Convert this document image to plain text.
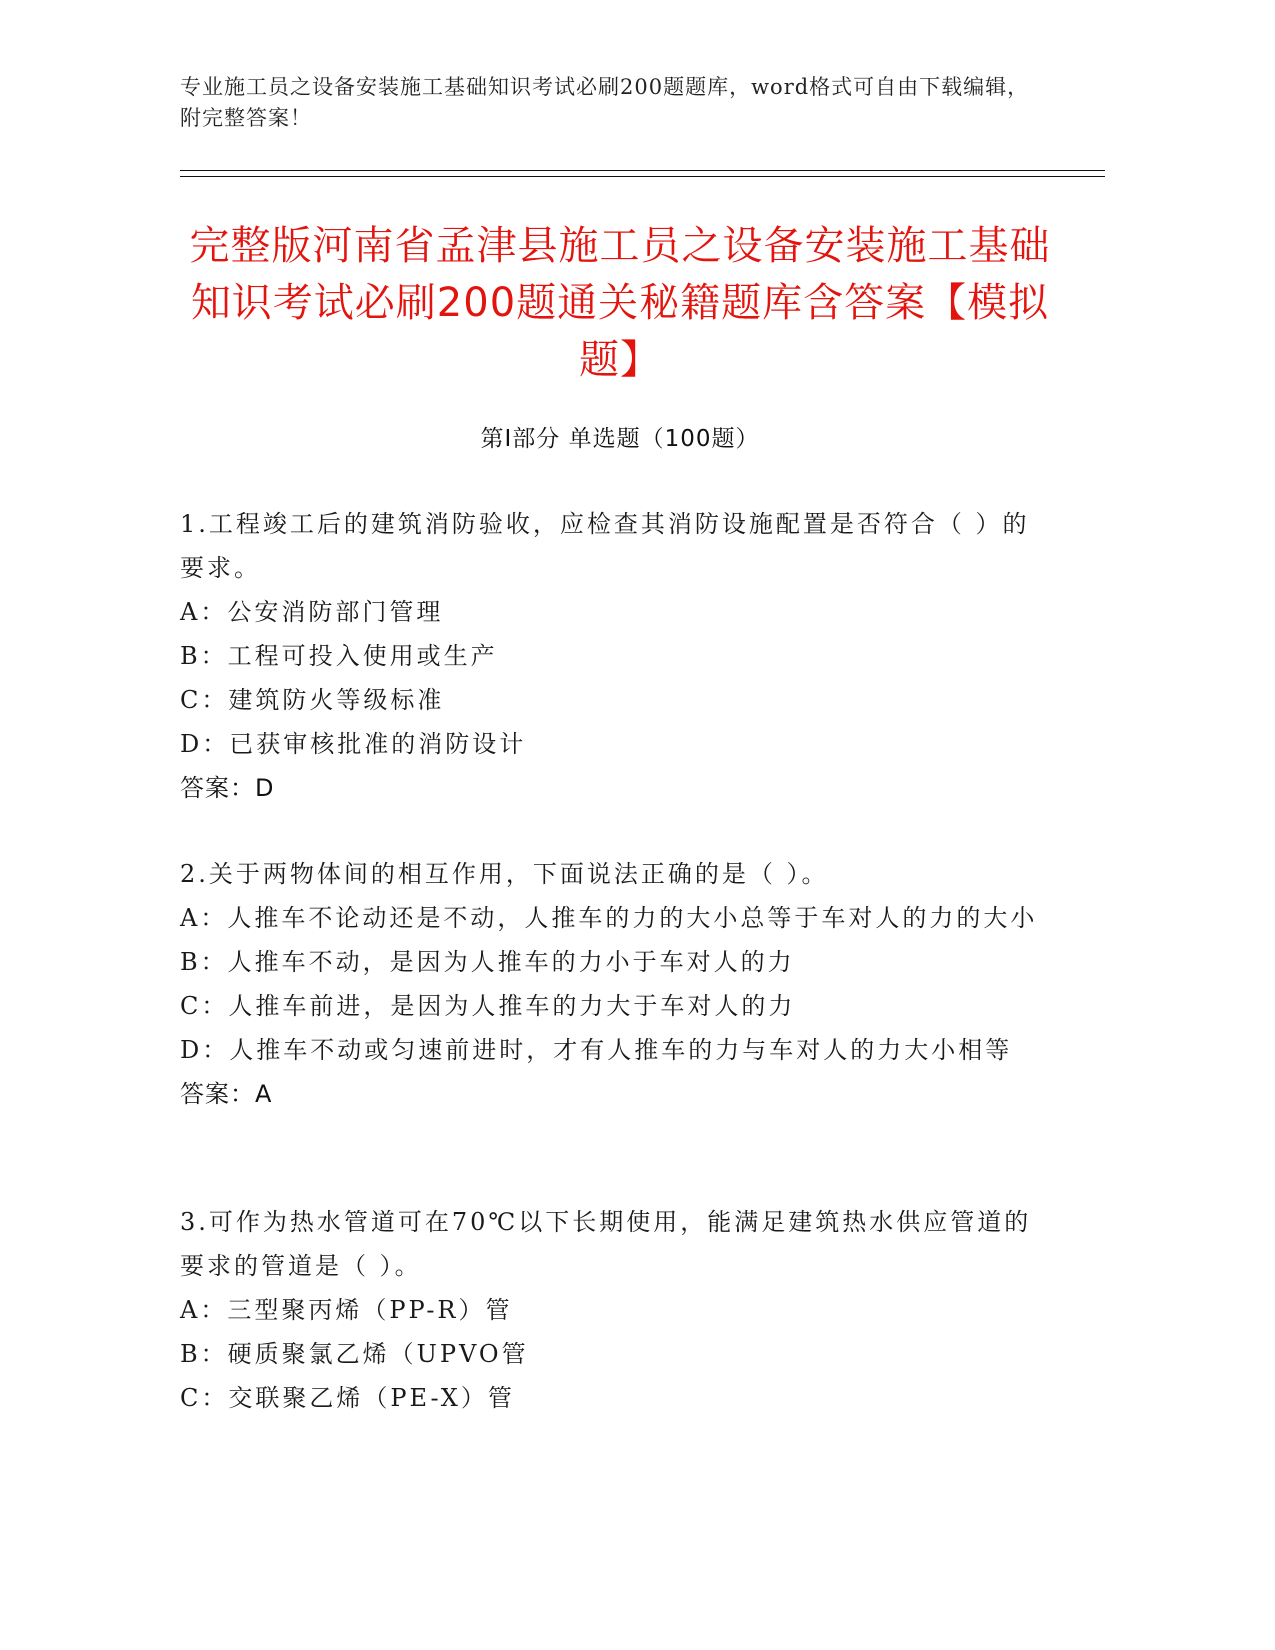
专业施工员之设备安装施工基础知识考试必刷200题题库，word格式可自由下载编辑，附完整答案！
完整版河南省孟津县施工员之设备安装施工基础知识考试必刷200题通关秘籍题库含答案【模拟题】
第Ⅰ部分 单选题（100题）

1.工程竣工后的建筑消防验收，应检查其消防设施配置是否符合（ ）的要求。

A：公安消防部门管理

B：工程可投入使用或生产

C：建筑防火等级标准

D：已获审核批准的消防设计

答案：D

2.关于两物体间的相互作用，下面说法正确的是（ ）。

A：人推车不论动还是不动，人推车的力的大小总等于车对人的力的大小

B：人推车不动，是因为人推车的力小于车对人的力

C：人推车前进，是因为人推车的力大于车对人的力

D：人推车不动或匀速前进时，才有人推车的力与车对人的力大小相等

答案：A

3.可作为热水管道可在70℃以下长期使用，能满足建筑热水供应管道的要求的管道是（ ）。

A：三型聚丙烯（PP-R）管

B：硬质聚氯乙烯（UPVO管

C：交联聚乙烯（PE-X）管
